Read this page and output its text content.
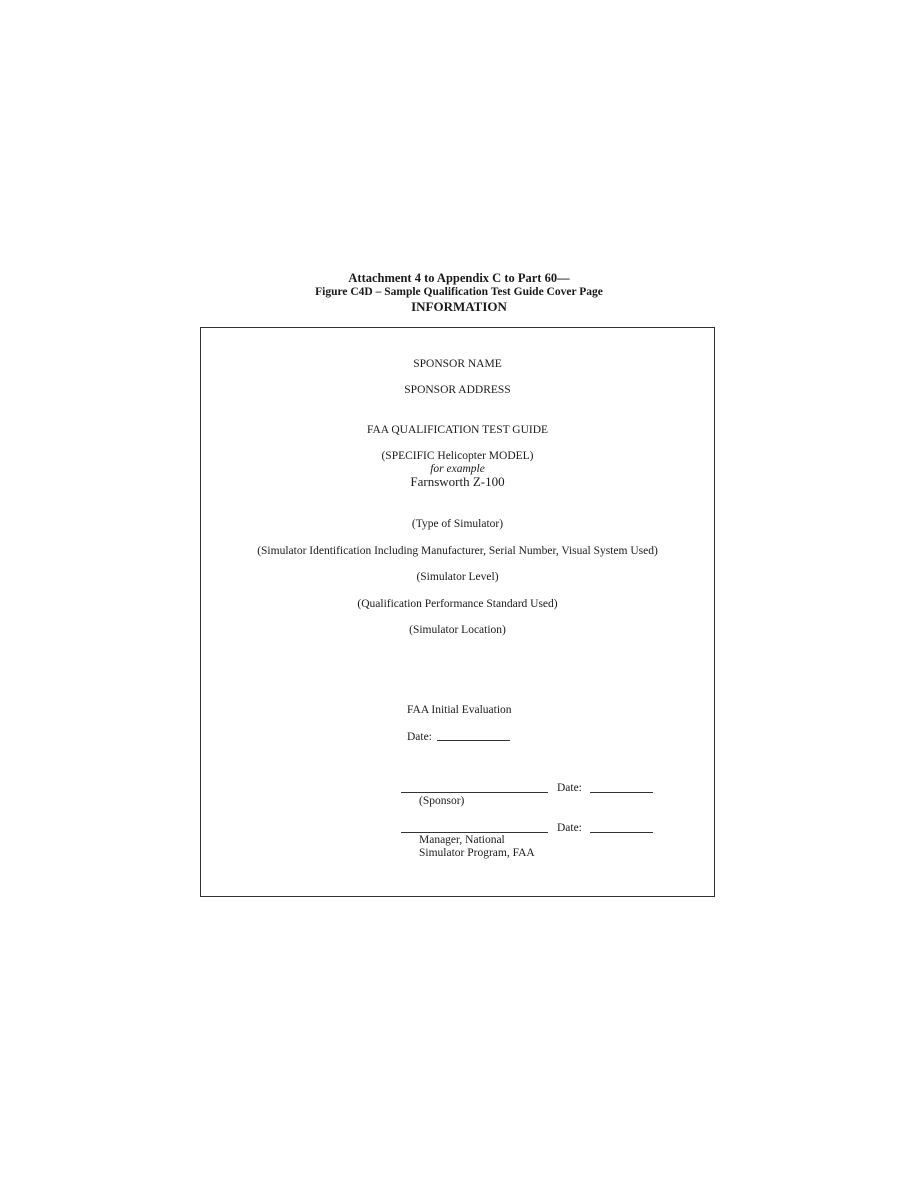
Attachment 4 to Appendix C to Part 60—
Figure C4D – Sample Qualification Test Guide Cover Page
INFORMATION
SPONSOR NAME
SPONSOR ADDRESS
FAA QUALIFICATION TEST GUIDE
(SPECIFIC Helicopter MODEL)
for example
Farnsworth Z-100
(Type of Simulator)
(Simulator Identification Including Manufacturer, Serial Number, Visual System Used)
(Simulator Level)
(Qualification Performance Standard Used)
(Simulator Location)
FAA Initial Evaluation
Date:
Date:
(Sponsor)
Date:
Manager, National
Simulator Program, FAA
